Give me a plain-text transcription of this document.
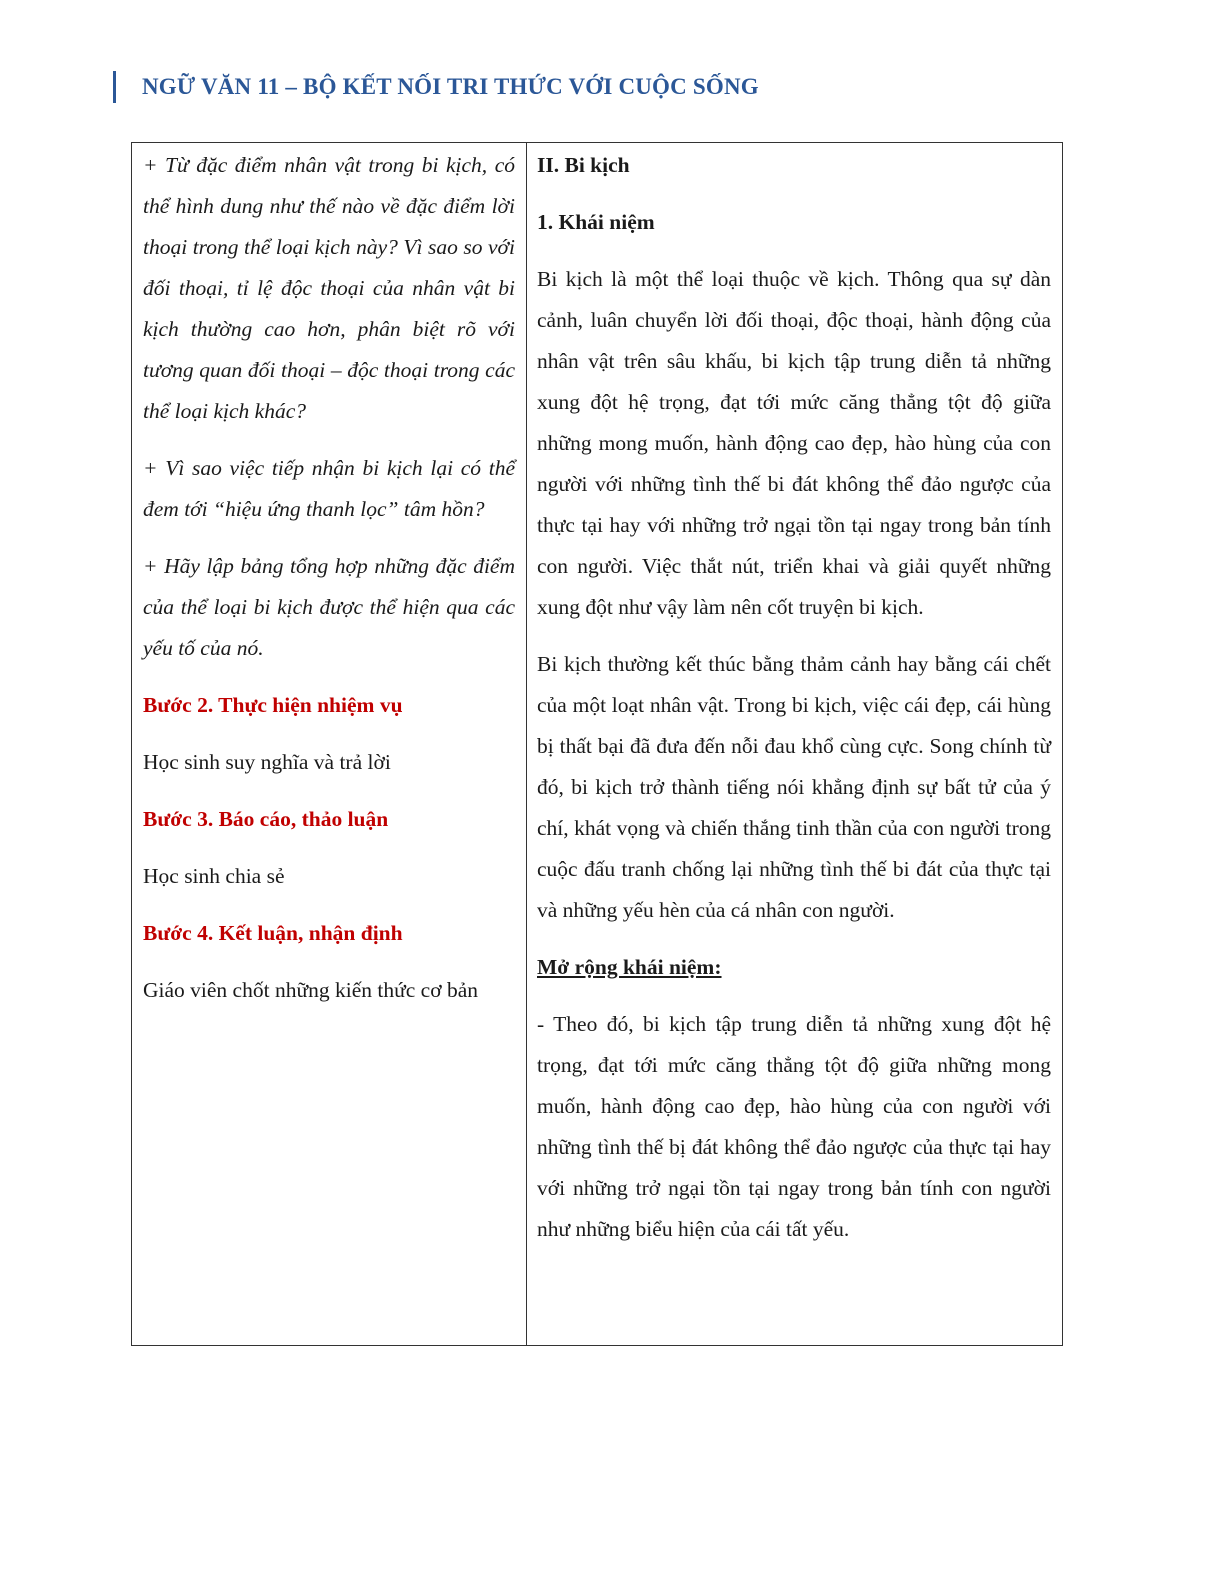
NGỮ VĂN 11 – BỘ KẾT NỐI TRI THỨC VỚI CUỘC SỐNG

+ Từ đặc điểm nhân vật trong bi kịch, có thể hình dung như thế nào về đặc điểm lời thoại trong thể loại kịch này? Vì sao so với đối thoại, tỉ lệ độc thoại của nhân vật bi kịch thường cao hơn, phân biệt rõ với tương quan đối thoại – độc thoại trong các thể loại kịch khác?

+ Vì sao việc tiếp nhận bi kịch lại có thể đem tới “hiệu ứng thanh lọc” tâm hồn?

+ Hãy lập bảng tổng hợp những đặc điểm của thể loại bi kịch được thể hiện qua các yếu tố của nó.

Bước 2. Thực hiện nhiệm vụ

Học sinh suy nghĩa và trả lời

Bước 3. Báo cáo, thảo luận

Học sinh chia sẻ

Bước 4. Kết luận, nhận định

Giáo viên chốt những kiến thức cơ bản

II. Bi kịch

1. Khái niệm

Bi kịch là một thể loại thuộc về kịch. Thông qua sự dàn cảnh, luân chuyển lời đối thoại, độc thoại, hành động của nhân vật trên sâu khấu, bi kịch tập trung diễn tả những xung đột hệ trọng, đạt tới mức căng thẳng tột độ giữa những mong muốn, hành động cao đẹp, hào hùng của con người với những tình thế bi đát không thể đảo ngược của thực tại hay với những trở ngại tồn tại ngay trong bản tính con người. Việc thắt nút, triển khai và giải quyết những xung đột như vậy làm nên cốt truyện bi kịch.

Bi kịch thường kết thúc bằng thảm cảnh hay bằng cái chết của một loạt nhân vật. Trong bi kịch, việc cái đẹp, cái hùng bị thất bại đã đưa đến nỗi đau khổ cùng cực. Song chính từ đó, bi kịch trở thành tiếng nói khẳng định sự bất tử của ý chí, khát vọng và chiến thắng tinh thần của con người trong cuộc đấu tranh chống lại những tình thế bi đát của thực tại và những yếu hèn của cá nhân con người.

Mở rộng khái niệm:

- Theo đó, bi kịch tập trung diễn tả những xung đột hệ trọng, đạt tới mức căng thẳng tột độ giữa những mong muốn, hành động cao đẹp, hào hùng của con người với những tình thế bị đát không thể đảo ngược của thực tại hay với những trở ngại tồn tại ngay trong bản tính con người như những biểu hiện của cái tất yếu.
